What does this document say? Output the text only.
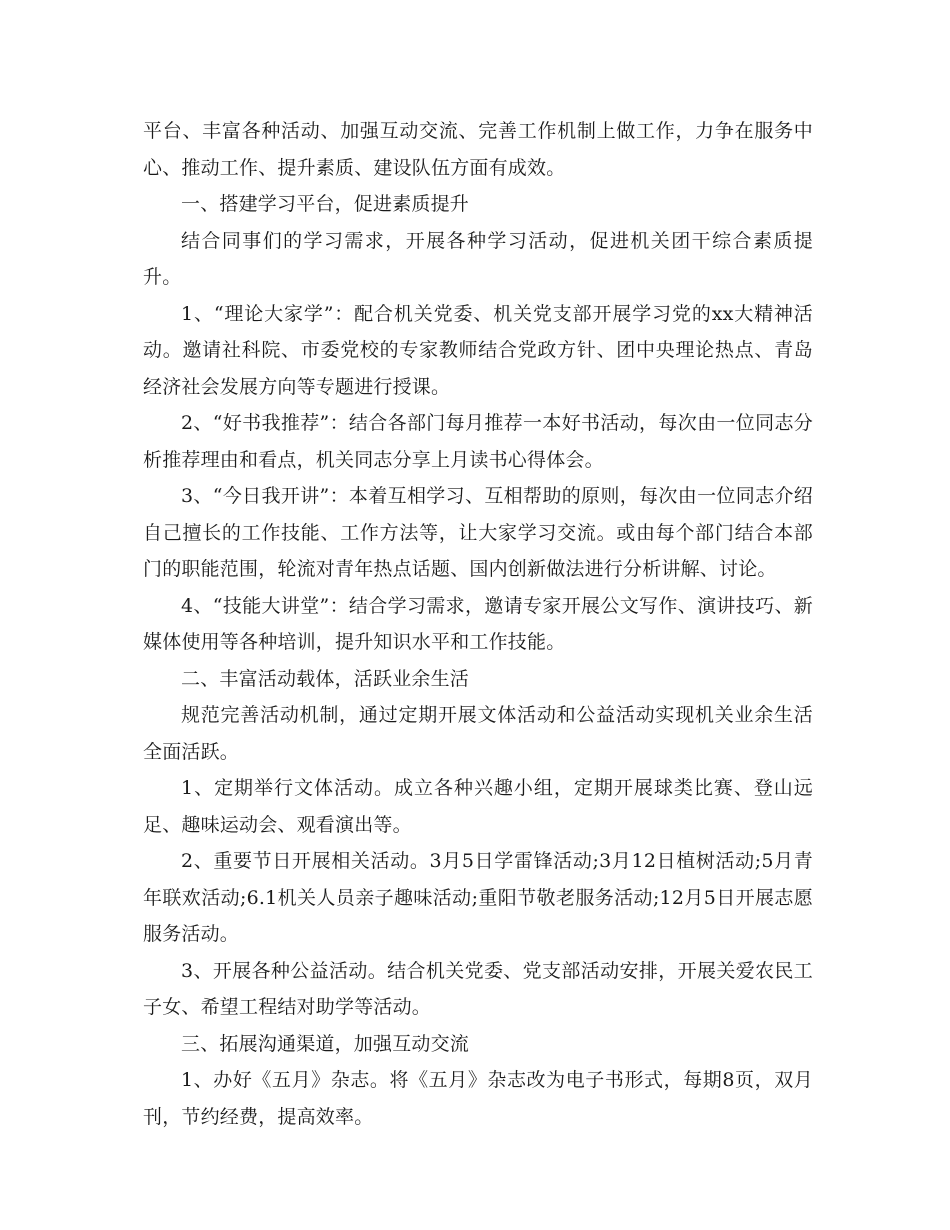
平台、丰富各种活动、加强互动交流、完善工作机制上做工作，力争在服务中心、推动工作、提升素质、建设队伍方面有成效。

一、搭建学习平台，促进素质提升

结合同事们的学习需求，开展各种学习活动，促进机关团干综合素质提升。

1、“理论大家学”：配合机关党委、机关党支部开展学习党的xx大精神活动。邀请社科院、市委党校的专家教师结合党政方针、团中央理论热点、青岛经济社会发展方向等专题进行授课。

2、“好书我推荐”：结合各部门每月推荐一本好书活动，每次由一位同志分析推荐理由和看点，机关同志分享上月读书心得体会。

3、“今日我开讲”：本着互相学习、互相帮助的原则，每次由一位同志介绍自己擅长的工作技能、工作方法等，让大家学习交流。或由每个部门结合本部门的职能范围，轮流对青年热点话题、国内创新做法进行分析讲解、讨论。

4、“技能大讲堂”：结合学习需求，邀请专家开展公文写作、演讲技巧、新媒体使用等各种培训，提升知识水平和工作技能。

二、丰富活动载体，活跃业余生活

规范完善活动机制，通过定期开展文体活动和公益活动实现机关业余生活全面活跃。

1、定期举行文体活动。成立各种兴趣小组，定期开展球类比赛、登山远足、趣味运动会、观看演出等。

2、重要节日开展相关活动。3月5日学雷锋活动;3月12日植树活动;5月青年联欢活动;6.1机关人员亲子趣味活动;重阳节敬老服务活动;12月5日开展志愿服务活动。

3、开展各种公益活动。结合机关党委、党支部活动安排，开展关爱农民工子女、希望工程结对助学等活动。

三、拓展沟通渠道，加强互动交流

1、办好《五月》杂志。将《五月》杂志改为电子书形式，每期8页，双月刊，节约经费，提高效率。
